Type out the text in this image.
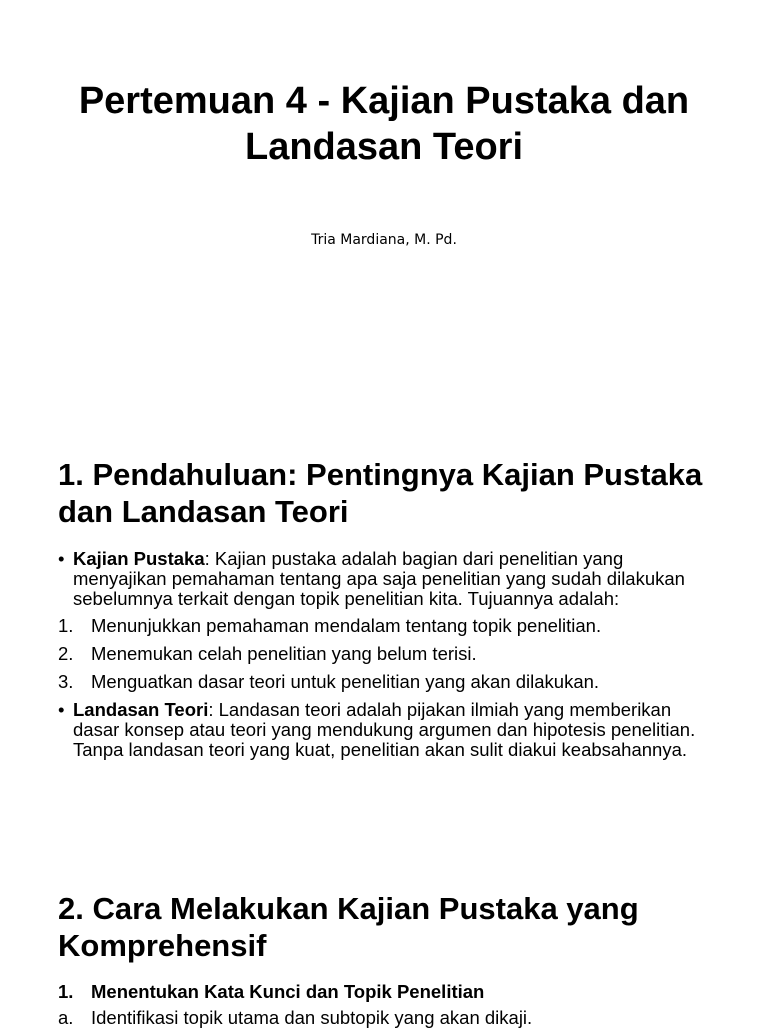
Pertemuan 4 - Kajian Pustaka dan Landasan Teori
Tria Mardiana, M. Pd.
1. Pendahuluan: Pentingnya Kajian Pustaka dan Landasan Teori
• Kajian Pustaka: Kajian pustaka adalah bagian dari penelitian yang menyajikan pemahaman tentang apa saja penelitian yang sudah dilakukan sebelumnya terkait dengan topik penelitian kita. Tujuannya adalah:
1. Menunjukkan pemahaman mendalam tentang topik penelitian.
2. Menemukan celah penelitian yang belum terisi.
3. Menguatkan dasar teori untuk penelitian yang akan dilakukan.
• Landasan Teori: Landasan teori adalah pijakan ilmiah yang memberikan dasar konsep atau teori yang mendukung argumen dan hipotesis penelitian. Tanpa landasan teori yang kuat, penelitian akan sulit diakui keabsahannya.
2. Cara Melakukan Kajian Pustaka yang Komprehensif
1. Menentukan Kata Kunci dan Topik Penelitian
a. Identifikasi topik utama dan subtopik yang akan dikaji.
